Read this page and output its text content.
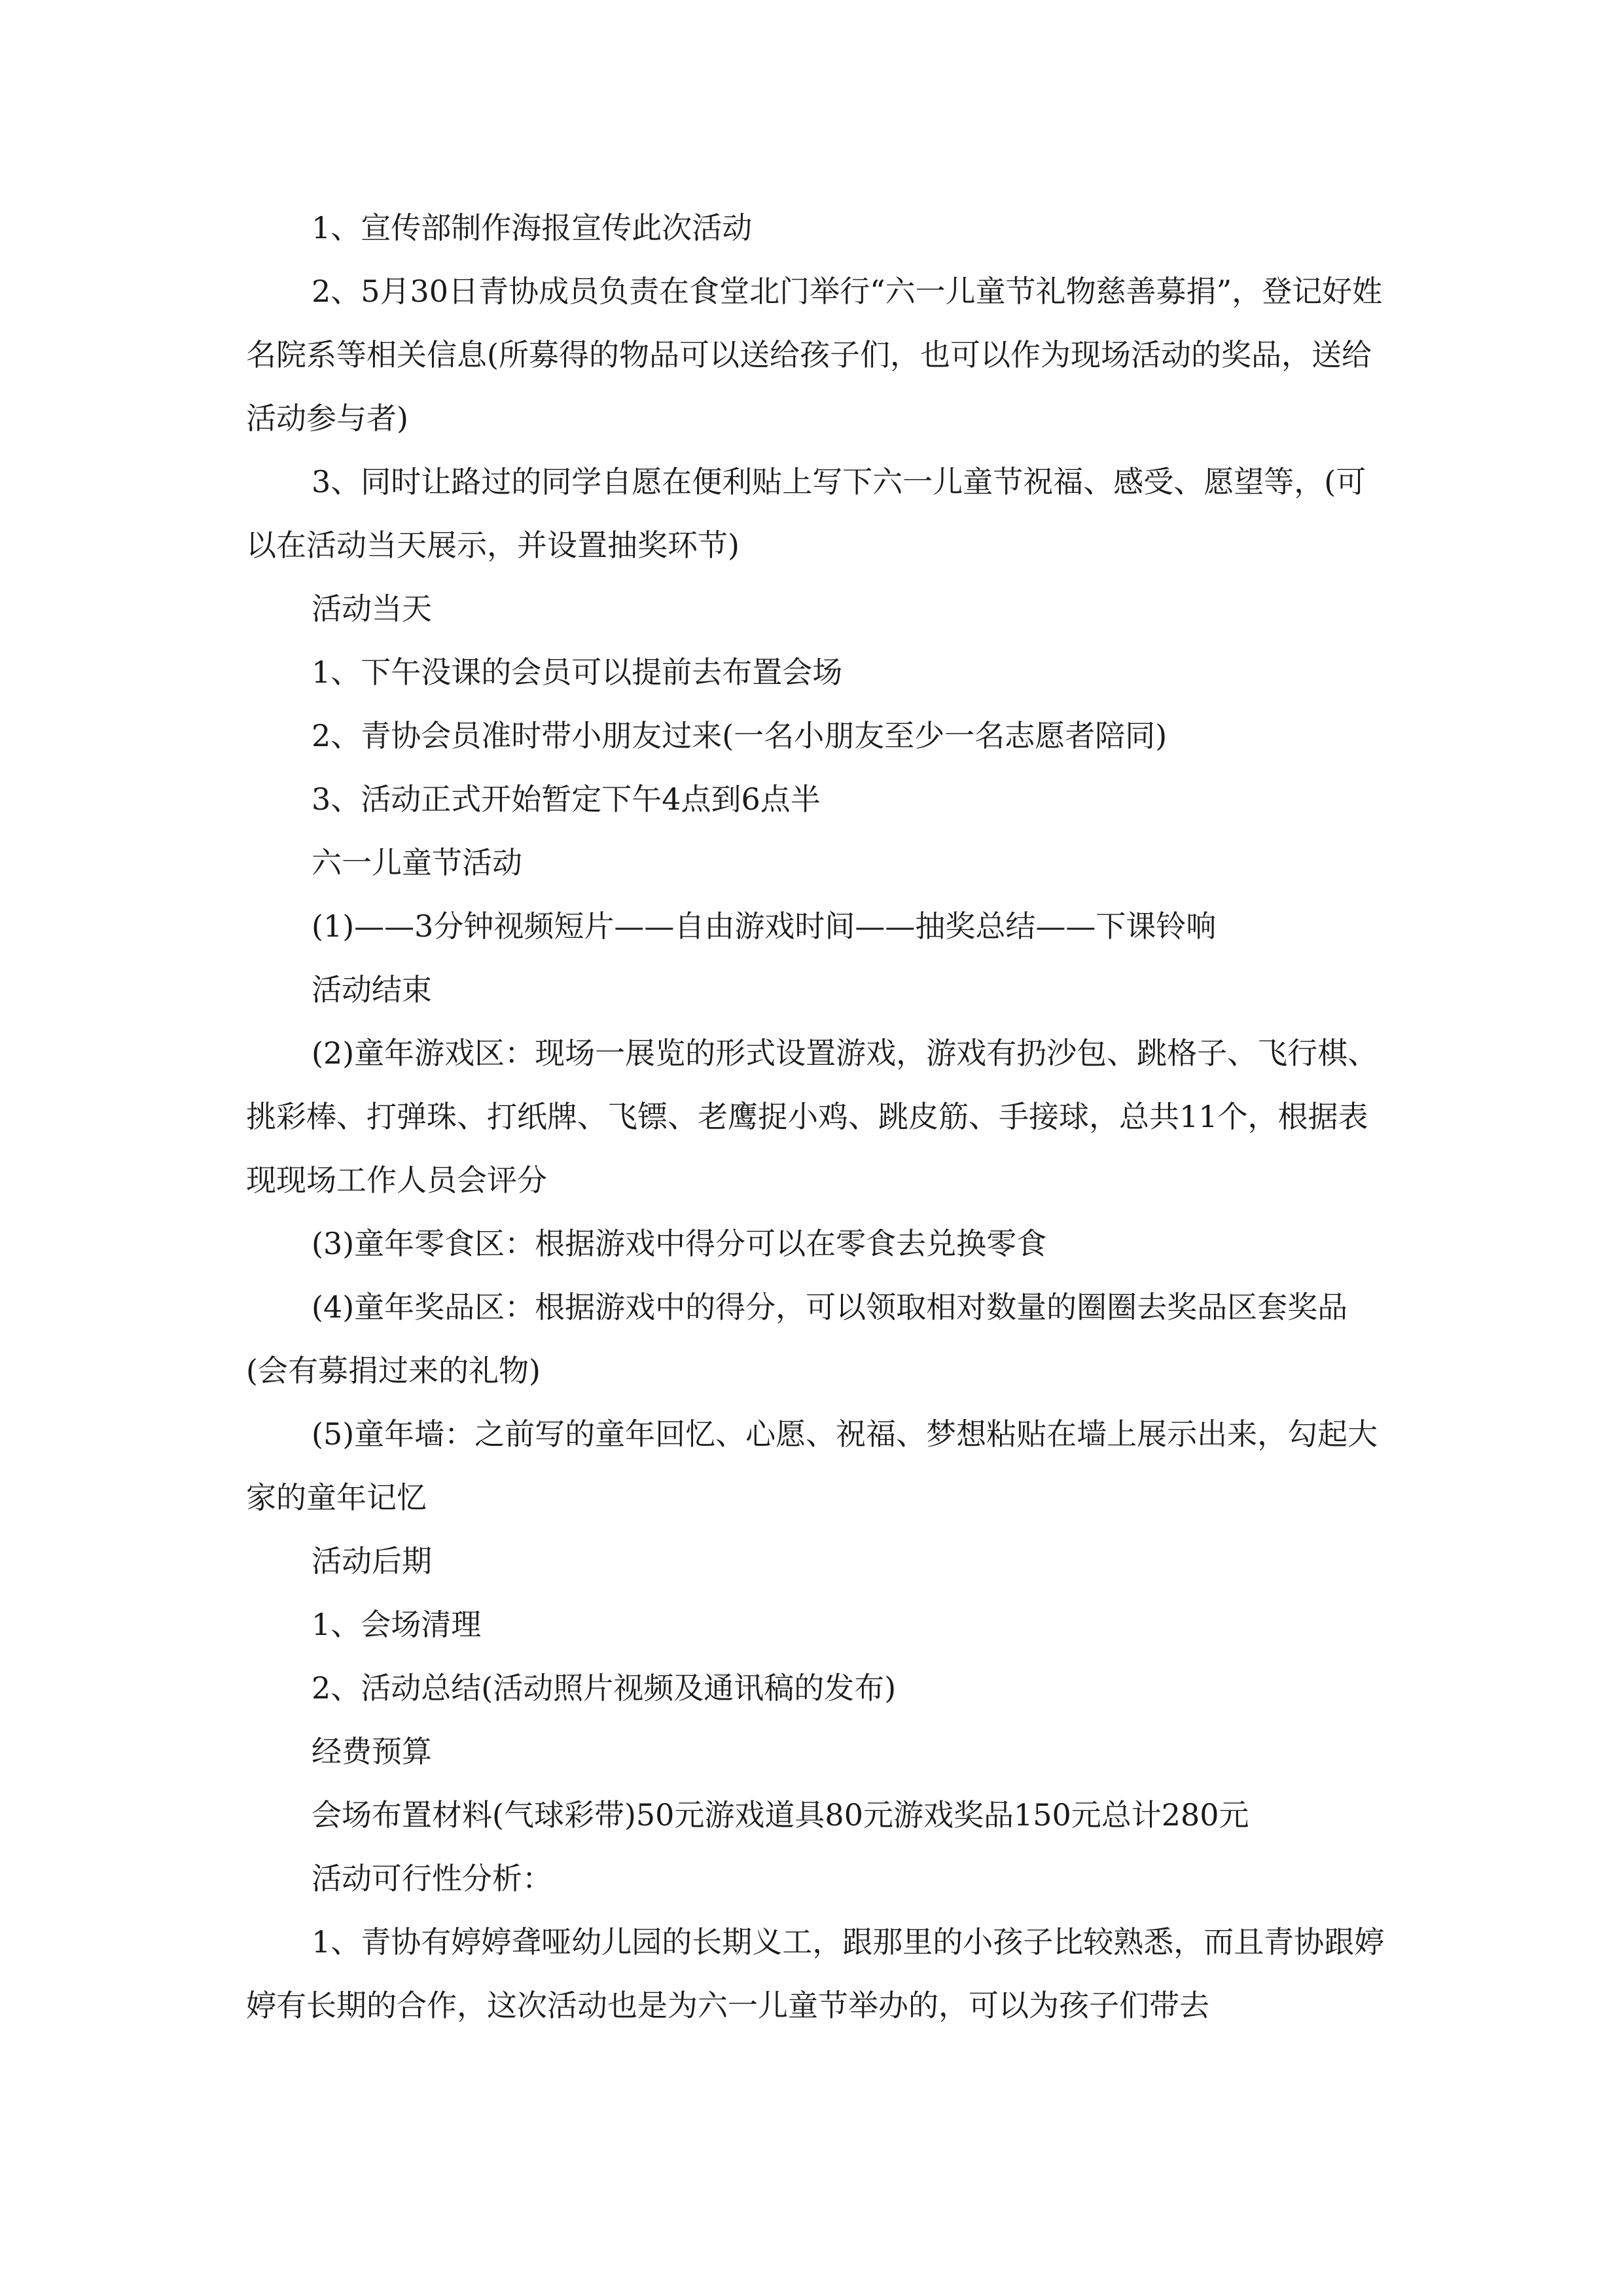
1、宣传部制作海报宣传此次活动

2、5月30日青协成员负责在食堂北门举行“六一儿童节礼物慈善募捐”，登记好姓名院系等相关信息(所募得的物品可以送给孩子们，也可以作为现场活动的奖品，送给活动参与者)

3、同时让路过的同学自愿在便利贴上写下六一儿童节祝福、感受、愿望等，(可以在活动当天展示，并设置抽奖环节)

活动当天

1、下午没课的会员可以提前去布置会场

2、青协会员准时带小朋友过来(一名小朋友至少一名志愿者陪同)

3、活动正式开始暂定下午4点到6点半

六一儿童节活动

(1)——3分钟视频短片——自由游戏时间——抽奖总结——下课铃响

活动结束

(2)童年游戏区：现场一展览的形式设置游戏，游戏有扔沙包、跳格子、飞行棋、挑彩棒、打弹珠、打纸牌、飞镖、老鹰捉小鸡、跳皮筋、手接球，总共11个，根据表现现场工作人员会评分

(3)童年零食区：根据游戏中得分可以在零食去兑换零食

(4)童年奖品区：根据游戏中的得分，可以领取相对数量的圈圈去奖品区套奖品(会有募捐过来的礼物)

(5)童年墙：之前写的童年回忆、心愿、祝福、梦想粘贴在墙上展示出来，勾起大家的童年记忆

活动后期

1、会场清理

2、活动总结(活动照片视频及通讯稿的发布)

经费预算

会场布置材料(气球彩带)50元游戏道具80元游戏奖品150元总计280元

活动可行性分析：

1、青协有婷婷聋哑幼儿园的长期义工，跟那里的小孩子比较熟悉，而且青协跟婷婷有长期的合作，这次活动也是为六一儿童节举办的，可以为孩子们带去
